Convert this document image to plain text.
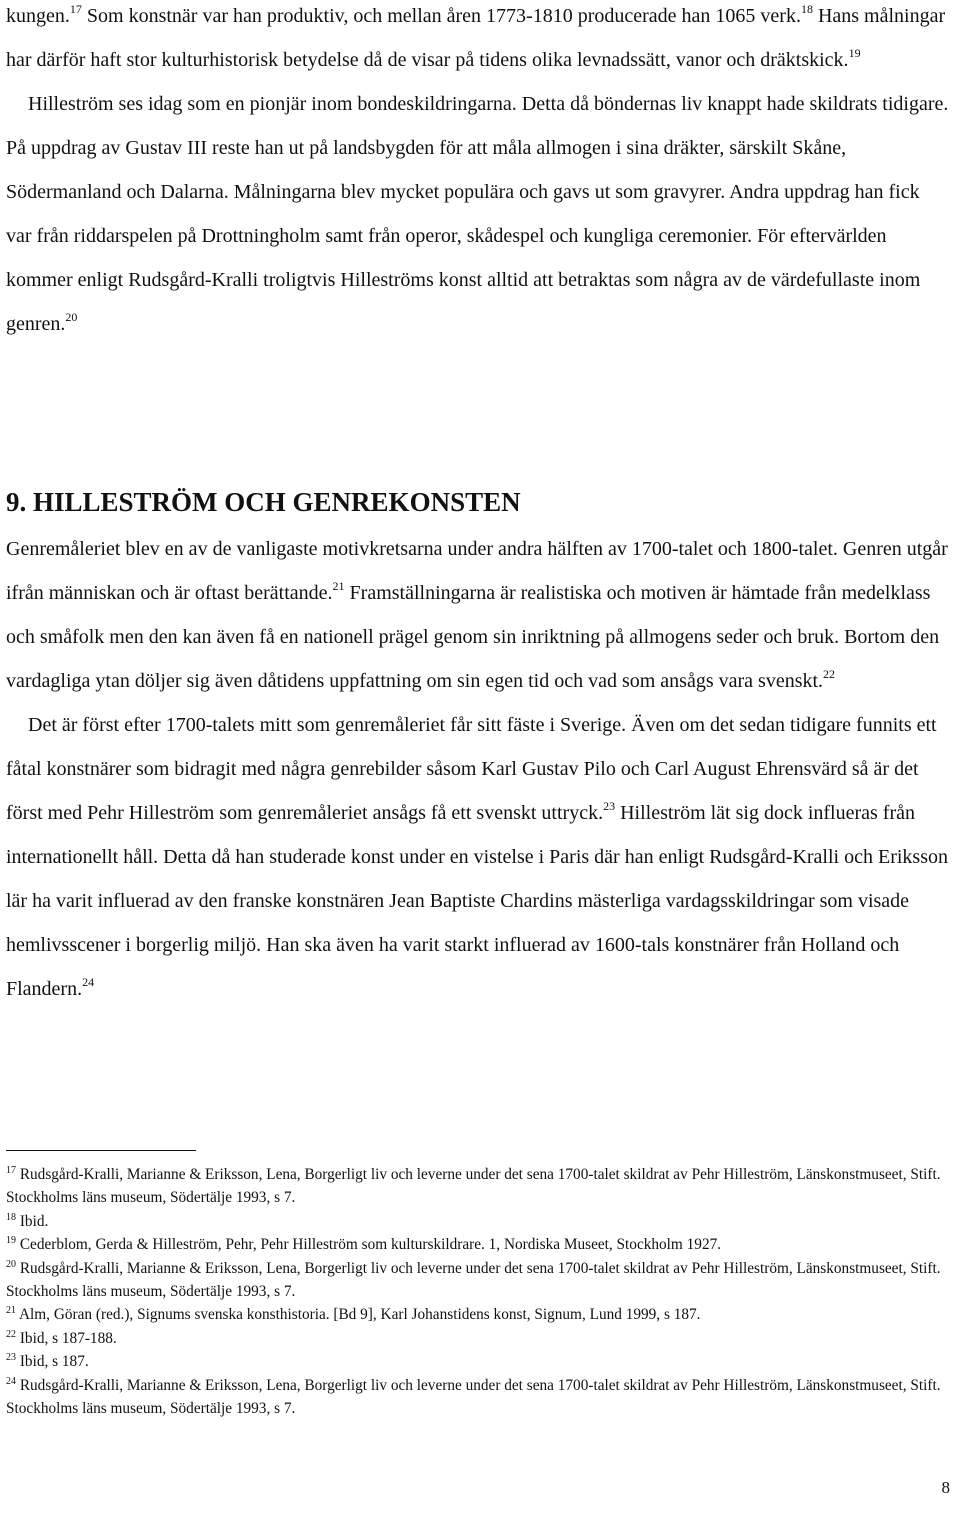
kungen.$^{17}$ Som konstnär var han produktiv, och mellan åren 1773-1810 producerade han 1065 verk.$^{18}$ Hans målningar har därför haft stor kulturhistorisk betydelse då de visar på tidens olika levnadssätt, vanor och dräktskick.$^{19}$

Hilleström ses idag som en pionjär inom bondeskildringarna. Detta då böndernas liv knappt hade skildrats tidigare. På uppdrag av Gustav III reste han ut på landsbygden för att måla allmogen i sina dräkter, särskilt Skåne, Södermanland och Dalarna. Målningarna blev mycket populära och gavs ut som gravyrer. Andra uppdrag han fick var från riddarspelen på Drottningholm samt från operor, skådespel och kungliga ceremonier. För eftervärlden kommer enligt Rudsgård-Kralli troligtvis Hilleströms konst alltid att betraktas som några av de värdefullaste inom genren.$^{20}$

9. HILLESTRÖM OCH GENREKONSTEN

Genremåleriet blev en av de vanligaste motivkretsarna under andra hälften av 1700-talet och 1800-talet. Genren utgår ifrån människan och är oftast berättande.$^{21}$ Framställningarna är realistiska och motiven är hämtade från medelklass och småfolk men den kan även få en nationell prägel genom sin inriktning på allmogens seder och bruk. Bortom den vardagliga ytan döljer sig även dåtidens uppfattning om sin egen tid och vad som ansågs vara svenskt.$^{22}$

Det är först efter 1700-talets mitt som genremåleriet får sitt fäste i Sverige. Även om det sedan tidigare funnits ett fåtal konstnärer som bidragit med några genrebilder såsom Karl Gustav Pilo och Carl August Ehrensvärd så är det först med Pehr Hilleström som genremåleriet ansågs få ett svenskt uttryck.$^{23}$ Hilleström lät sig dock influeras från internationellt håll. Detta då han studerade konst under en vistelse i Paris där han enligt Rudsgård-Kralli och Eriksson lär ha varit influerad av den franske konstnären Jean Baptiste Chardins mästerliga vardagsskildringar som visade hemlivsscener i borgerlig miljö. Han ska även ha varit starkt influerad av 1600-tals konstnärer från Holland och Flandern.$^{24}$

$^{17}$ Rudsgård-Kralli, Marianne & Eriksson, Lena, Borgerligt liv och leverne under det sena 1700-talet skildrat av Pehr Hilleström, Länskonstmuseet, Stift. Stockholms läns museum, Södertälje 1993, s 7.

$^{18}$ Ibid.

$^{19}$ Cederblom, Gerda & Hilleström, Pehr, Pehr Hilleström som kulturskildrare. 1, Nordiska Museet, Stockholm 1927.

$^{20}$ Rudsgård-Kralli, Marianne & Eriksson, Lena, Borgerligt liv och leverne under det sena 1700-talet skildrat av Pehr Hilleström, Länskonstmuseet, Stift. Stockholms läns museum, Södertälje 1993, s 7.

$^{21}$ Alm, Göran (red.), Signums svenska konsthistoria. [Bd 9], Karl Johanstidens konst, Signum, Lund 1999, s 187.

$^{22}$ Ibid, s 187-188.

$^{23}$ Ibid, s 187.

$^{24}$ Rudsgård-Kralli, Marianne & Eriksson, Lena, Borgerligt liv och leverne under det sena 1700-talet skildrat av Pehr Hilleström, Länskonstmuseet, Stift. Stockholms läns museum, Södertälje 1993, s 7.

8
